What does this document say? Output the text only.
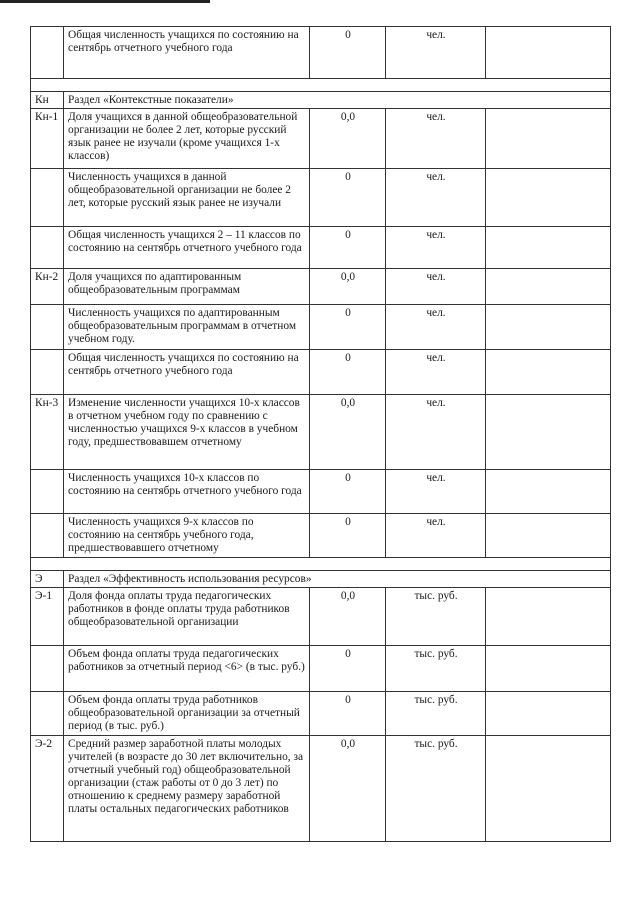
	Общая численность учащихся по состоянию на сентябрь отчетного учебного года	0	чел.	

Кн	Раздел «Контекстные показатели»			
Кн-1	Доля учащихся в данной общеобразовательной организации не более 2 лет, которые русский язык ранее не изучали (кроме учащихся 1-х классов)	0,0	чел.	
	Численность учащихся в данной общеобразовательной организации не более 2 лет, которые русский язык ранее не изучали	0	чел.	
	Общая численность учащихся 2 – 11 классов по состоянию на сентябрь отчетного учебного года	0	чел.	
Кн-2	Доля учащихся по адаптированным общеобразовательным программам	0,0	чел.	
	Численность учащихся по адаптированным общеобразовательным программам в отчетном учебном году.	0	чел.	
	Общая численность учащихся по состоянию на сентябрь отчетного учебного года	0	чел.	
Кн-3	Изменение численности учащихся 10-х классов в отчетном учебном году по сравнению с численностью учащихся 9-х классов в учебном году, предшествовавшем отчетному	0,0	чел.	
	Численность учащихся 10-х классов по состоянию на сентябрь отчетного учебного года	0	чел.	
	Численность учащихся 9-х классов по состоянию на сентябрь учебного года, предшествовавшего отчетному	0	чел.	

Э	Раздел «Эффективность использования ресурсов»			
Э-1	Доля фонда оплаты труда педагогических работников в фонде оплаты труда работников общеобразовательной организации	0,0	тыс. руб.	
	Объем фонда оплаты труда педагогических работников за отчетный период <6> (в тыс. руб.)	0	тыс. руб.	
	Объем фонда оплаты труда работников общеобразовательной организации за отчетный период (в тыс. руб.)	0	тыс. руб.	
Э-2	Средний размер заработной платы молодых учителей (в возрасте до 30 лет включительно, за отчетный учебный год) общеобразовательной организации (стаж работы от 0 до 3 лет) по отношению к среднему размеру заработной платы остальных педагогических работников	0,0	тыс. руб.	
